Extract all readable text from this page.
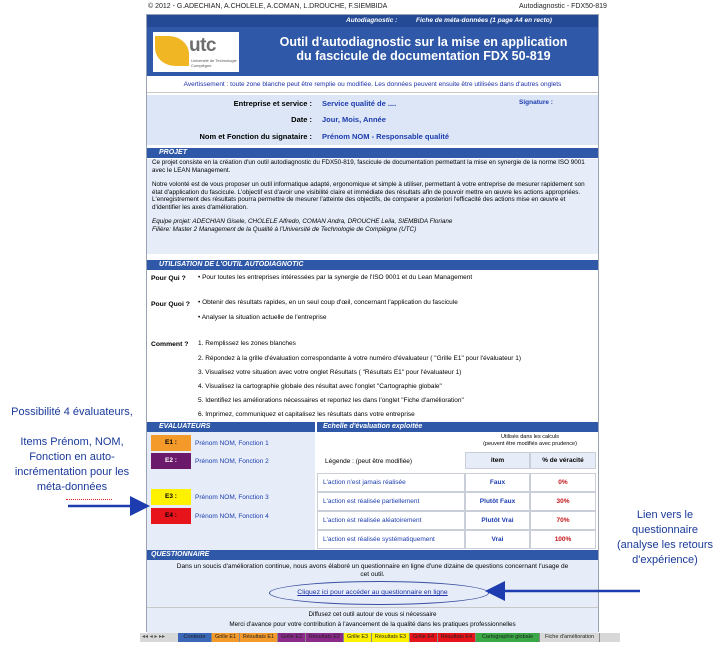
© 2012 - G.ADECHIAN, A.CHOLELE, A.COMAN, L.DROUCHE, F.SIEMBIDA	Autodiagnostic - FDX50-819
Autodiagnostic :	Fiche de méta-données (1 page A4 en recto)
utc
Université de Technologie Compiègne
Outil d'autodiagnostic sur la mise en application
du fascicule de documentation FDX 50-819
Avertissement : toute zone blanche peut être remplie ou modifiée. Les données peuvent ensuite être utilisées dans d'autres onglets
Entreprise et service : Service qualité de ....	Signature :
Date : Jour, Mois, Année
Nom et Fonction du signataire : Prénom NOM - Responsable qualité
PROJET

Ce projet consiste en la création d'un outil autodiagnostic du FDX50-819, fascicule de documentation permettant la mise en synergie de la norme ISO 9001 avec le LEAN Management.

Notre volonté est de vous proposer un outil informatique adapté, ergonomique et simple à utiliser, permettant à votre entreprise de mesurer rapidement son état d'application du fascicule. L'objectif est d'avoir une visibilité claire et immédiate des résultats afin de pouvoir mettre en œuvre les actions appropriées. L'enregistrement des résultats pourra permettre de mesurer l'atteinte des objectifs, de comparer a posteriori l'efficacité des actions mise en œuvre et d'identifier les axes d'amélioration.

Equipe projet: ADECHIAN Gisele, CHOLELE Alfredo, COMAN Andra, DROUCHE Leila, SIEMBIDA Floriane

Filière: Master 2 Management de la Qualité à l'Université de Technologie de Compiègne (UTC)

UTILISATION DE L'OUTIL AUTODIAGNOTIC
Pour Qui ? • Pour toutes les entreprises intéressées par la synergie de l'ISO 9001 et du Lean Management
Pour Quoi ? • Obtenir des résultats rapides, en un seul coup d'œil, concernant l'application du fascicule
• Analyser la situation actuelle de l'entreprise
Comment ? 1. Remplissez les zones blanches
2. Répondez à la grille d'évaluation correspondante à votre numéro d'évaluateur ( "Grille E1" pour l'évaluateur 1)
3. Visualisez votre situation avec votre onglet Résultats ( "Résultats E1" pour l'évaluateur 1)
4. Visualisez la cartographie globale des résultat avec l'onglet "Cartographie globale"
5. Identifiez les améliorations nécessaires et reportez les dans l'onglet "Fiche d'amélioration"
6. Imprimez, communiquez et capitalisez les résultats dans votre entreprise
EVALUATEURS	Echelle d'évaluation exploitée
E1 :	Prénom NOM, Fonction 1
E2 :	Prénom NOM, Fonction 2
E3 :	Prénom NOM, Fonction 3
E4 :	Prénom NOM, Fonction 4
Utilisés dans les calculs
(peuvent être modifiés avec prudence)
Légende : (peut être modifiée)	item	% de véracité
L'action n'est jamais réalisée	Faux	0%
L'action est réalisée partiellement	Plutôt Faux	30%
L'action est réalisée aléatoirement	Plutôt Vrai	70%
L'action est réalisée systématiquement	Vrai	100%
QUESTIONNAIRE
Dans un soucis d'amélioration continue, nous avons élaboré un questionnaire en ligne d'une dizaine de questions concernant l'usage de
cet outil.
Cliquez ici pour accéder au questionnaire en ligne
Diffusez cet outil autour de vous si nécessaire
Merci d'avance pour votre contribution à l'avancement de la qualité dans les pratiques professionnelles
◂◂ ◂ ▸ ▸▸	Contexte	Grille E1	Résultats E1	Grille E2	Résultats E2	Grille E3	Résultats E3	Grille E4	Résultats E4	Cartographie globale	Fiche d'amélioration
Possibilité 4 évaluateurs,

Items Prénom, NOM, Fonction en auto-incrémentation pour les méta-données
Lien vers le questionnaire (analyse les retours d'expérience)
